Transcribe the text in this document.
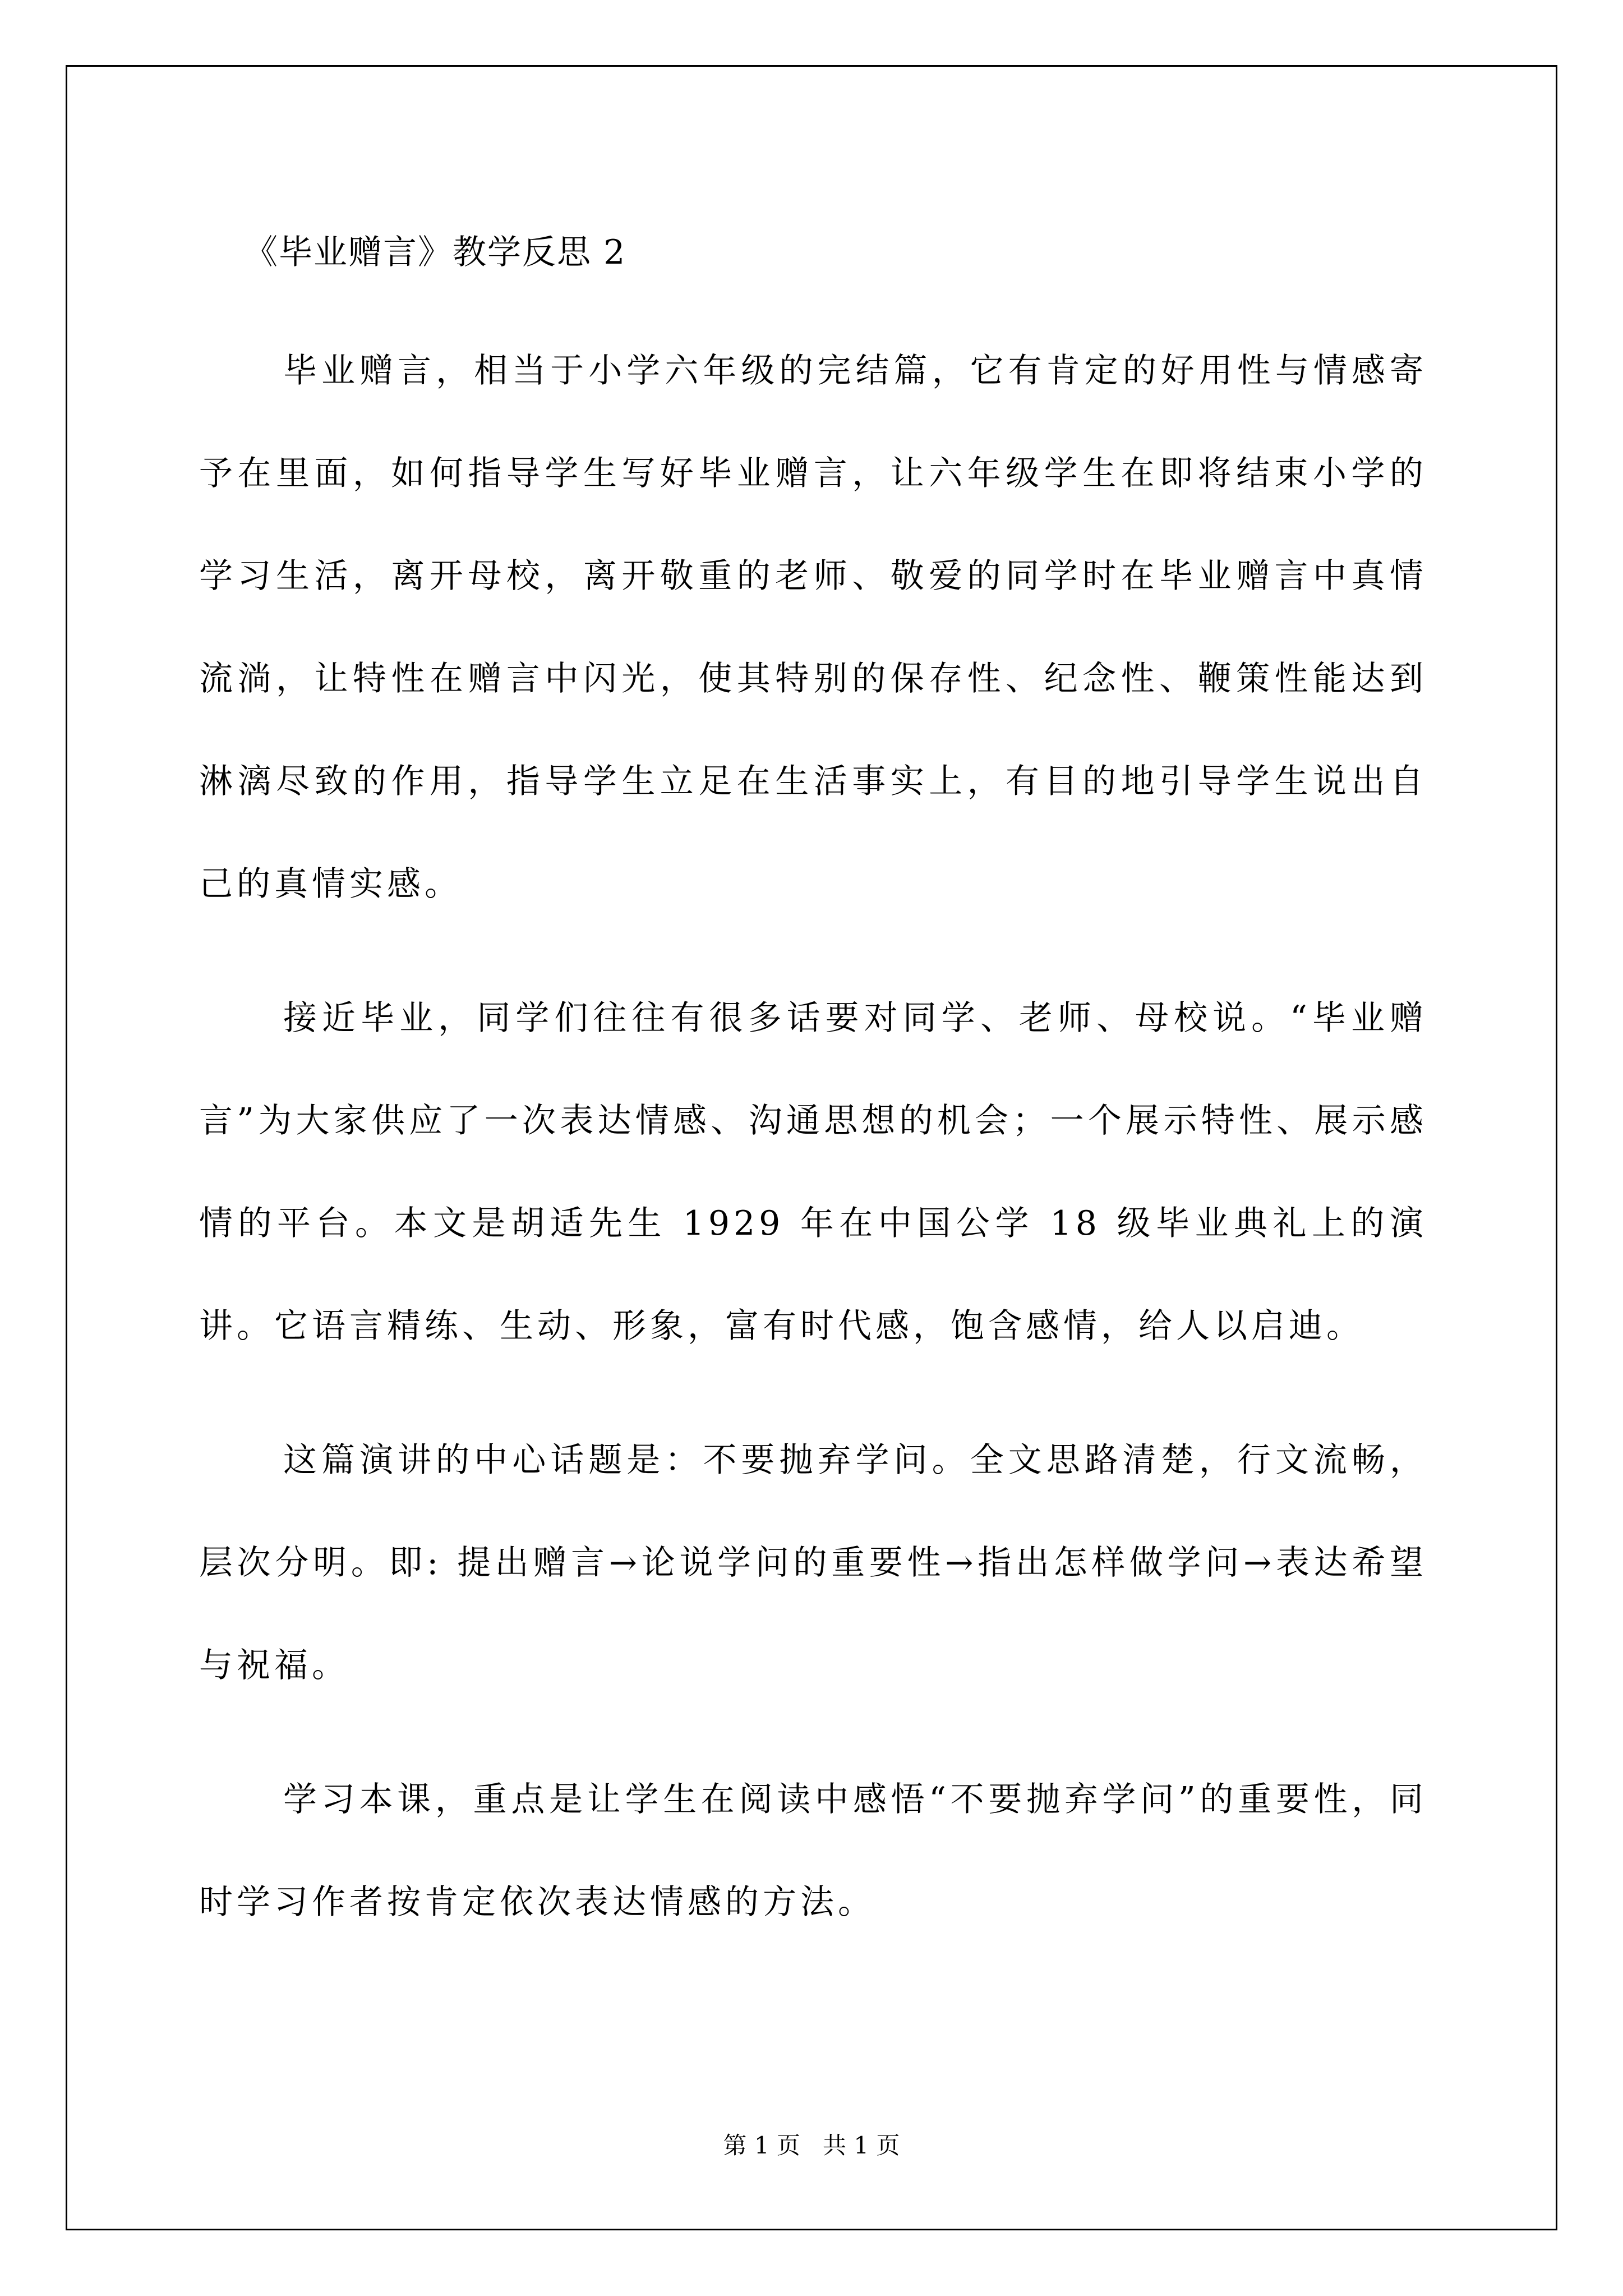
《毕业赠言》教学反思 2

毕业赠言，相当于小学六年级的完结篇，它有肯定的好用性与情感寄予在里面，如何指导学生写好毕业赠言，让六年级学生在即将结束小学的学习生活，离开母校，离开敬重的老师、敬爱的同学时在毕业赠言中真情流淌，让特性在赠言中闪光，使其特别的保存性、纪念性、鞭策性能达到淋漓尽致的作用，指导学生立足在生活事实上，有目的地引导学生说出自己的真情实感。

接近毕业，同学们往往有很多话要对同学、老师、母校说。“毕业赠言”为大家供应了一次表达情感、沟通思想的机会；一个展示特性、展示感情的平台。本文是胡适先生 1929 年在中国公学 18 级毕业典礼上的演讲。它语言精练、生动、形象，富有时代感，饱含感情，给人以启迪。

这篇演讲的中心话题是：不要抛弃学问。全文思路清楚，行文流畅，层次分明。即: 提出赠言→论说学问的重要性→指出怎样做学问→表达希望与祝福。

学习本课，重点是让学生在阅读中感悟“不要抛弃学问”的重要性，同时学习作者按肯定依次表达情感的方法。

第 1 页   共 1 页
